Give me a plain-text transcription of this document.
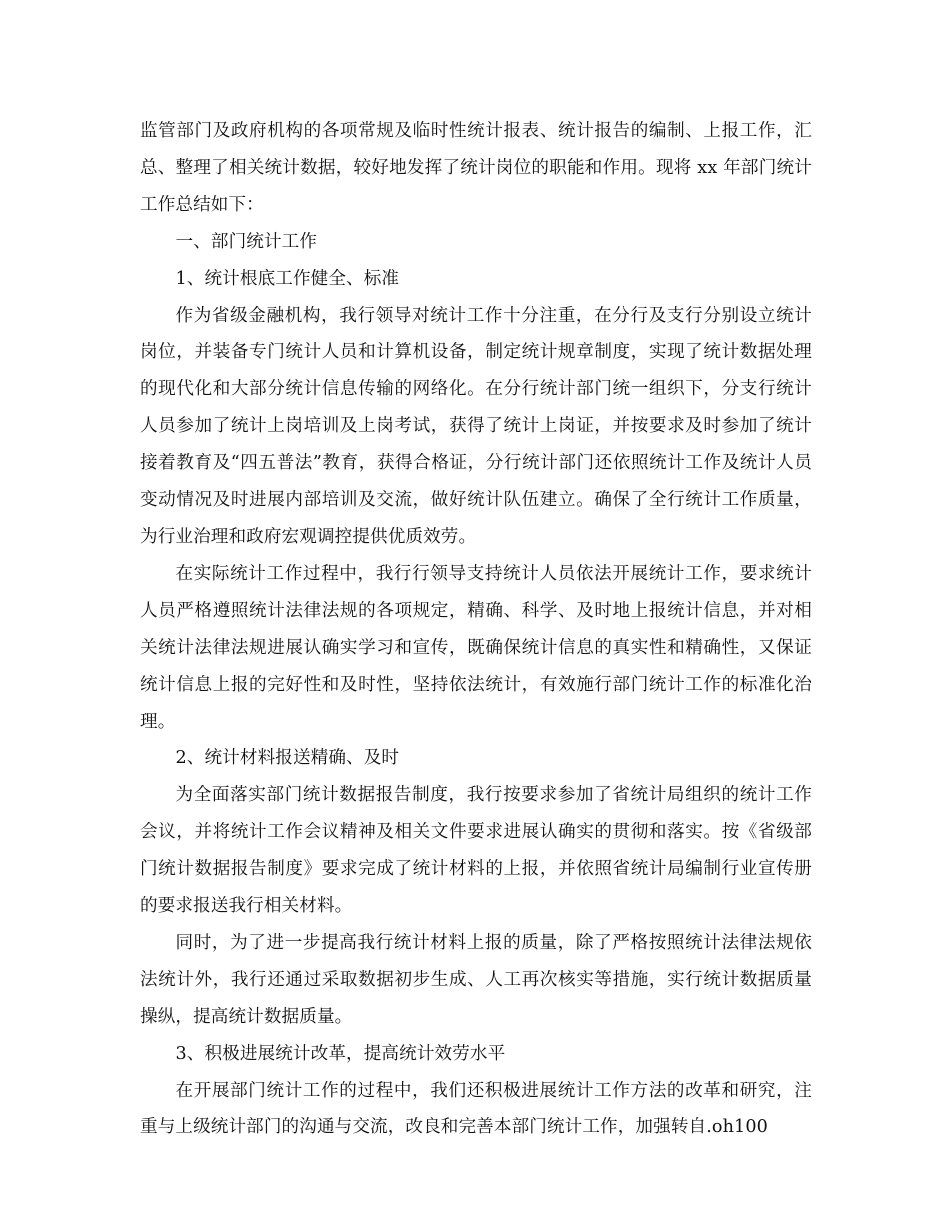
监管部门及政府机构的各项常规及临时性统计报表、统计报告的编制、上报工作，汇总、整理了相关统计数据，较好地发挥了统计岗位的职能和作用。现将 xx 年部门统计工作总结如下：

一、部门统计工作

1、统计根底工作健全、标准

作为省级金融机构，我行领导对统计工作十分注重，在分行及支行分别设立统计岗位，并装备专门统计人员和计算机设备，制定统计规章制度，实现了统计数据处理的现代化和大部分统计信息传输的网络化。在分行统计部门统一组织下，分支行统计人员参加了统计上岗培训及上岗考试，获得了统计上岗证，并按要求及时参加了统计接着教育及“四五普法”教育，获得合格证，分行统计部门还依照统计工作及统计人员变动情况及时进展内部培训及交流，做好统计队伍建立。确保了全行统计工作质量，为行业治理和政府宏观调控提供优质效劳。

在实际统计工作过程中，我行行领导支持统计人员依法开展统计工作，要求统计人员严格遵照统计法律法规的各项规定，精确、科学、及时地上报统计信息，并对相关统计法律法规进展认确实学习和宣传，既确保统计信息的真实性和精确性，又保证统计信息上报的完好性和及时性，坚持依法统计，有效施行部门统计工作的标准化治理。

2、统计材料报送精确、及时

为全面落实部门统计数据报告制度，我行按要求参加了省统计局组织的统计工作会议，并将统计工作会议精神及相关文件要求进展认确实的贯彻和落实。按《省级部门统计数据报告制度》要求完成了统计材料的上报，并依照省统计局编制行业宣传册的要求报送我行相关材料。

同时，为了进一步提高我行统计材料上报的质量，除了严格按照统计法律法规依法统计外，我行还通过采取数据初步生成、人工再次核实等措施，实行统计数据质量操纵，提高统计数据质量。

3、积极进展统计改革，提高统计效劳水平

在开展部门统计工作的过程中，我们还积极进展统计工作方法的改革和研究，注重与上级统计部门的沟通与交流，改良和完善本部门统计工作，加强转自.oh100
